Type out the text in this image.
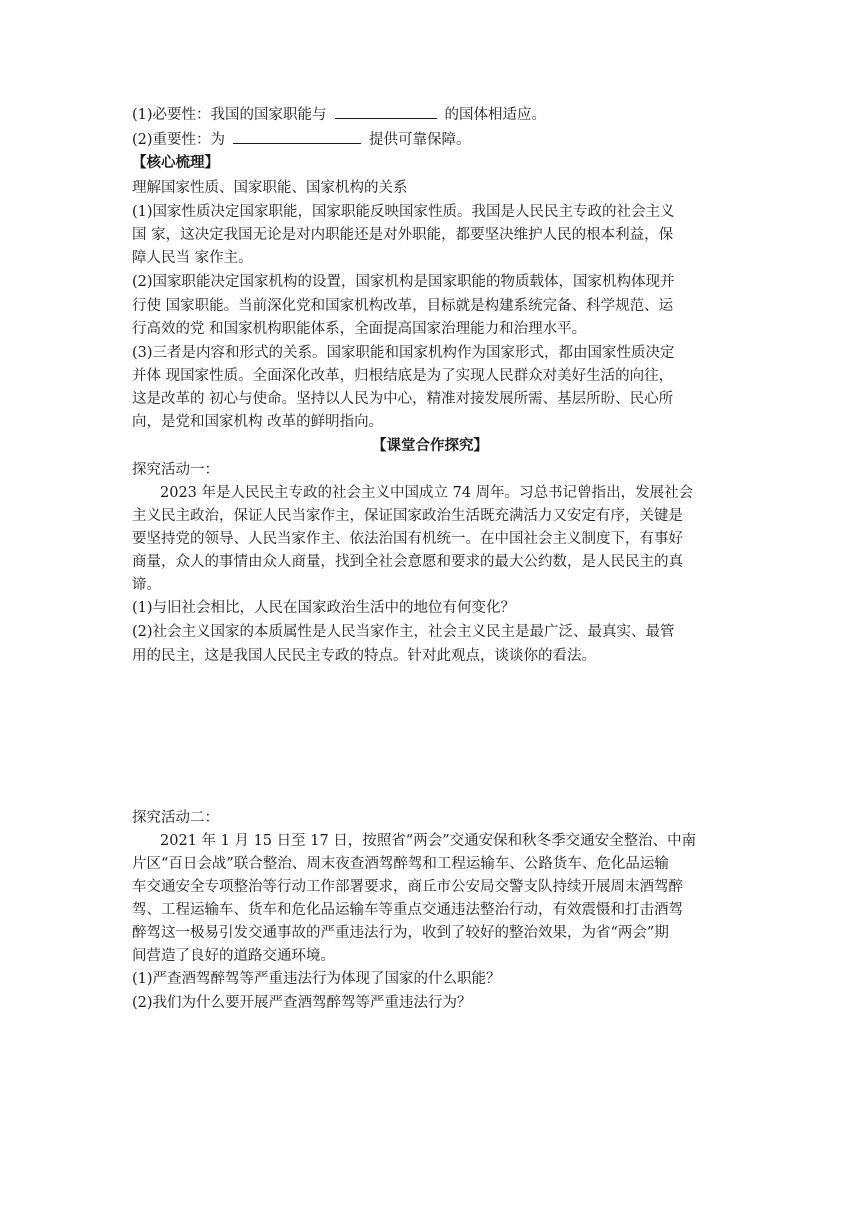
(1)必要性：我国的国家职能与	的国体相适应。
(2)重要性：为	提供可靠保障。
【核心梳理】
理解国家性质、国家职能、国家机构的关系
(1)国家性质决定国家职能，国家职能反映国家性质。我国是人民民主专政的社会主义
国 家，这决定我国无论是对内职能还是对外职能，都要坚决维护人民的根本利益，保
障人民当 家作主。
(2)国家职能决定国家机构的设置，国家机构是国家职能的物质载体，国家机构体现并
行使 国家职能。当前深化党和国家机构改革，目标就是构建系统完备、科学规范、运
行高效的党 和国家机构职能体系，全面提高国家治理能力和治理水平。
(3)三者是内容和形式的关系。国家职能和国家机构作为国家形式，都由国家性质决定
并体 现国家性质。全面深化改革，归根结底是为了实现人民群众对美好生活的向往，
这是改革的 初心与使命。坚持以人民为中心，精准对接发展所需、基层所盼、民心所
向，是党和国家机构 改革的鲜明指向。
【课堂合作探究】
探究活动一：
2023 年是人民民主专政的社会主义中国成立 74 周年。习总书记曾指出，发展社会
主义民主政治，保证人民当家作主，保证国家政治生活既充满活力又安定有序，关键是
要坚持党的领导、人民当家作主、依法治国有机统一。在中国社会主义制度下，有事好
商量，众人的事情由众人商量，找到全社会意愿和要求的最大公约数，是人民民主的真
谛。
(1)与旧社会相比，人民在国家政治生活中的地位有何变化？
(2)社会主义国家的本质属性是人民当家作主，社会主义民主是最广泛、最真实、最管
用的民主，这是我国人民民主专政的特点。针对此观点，谈谈你的看法。
探究活动二：
2021 年 1 月 15 日至 17 日，按照省“两会”交通安保和秋冬季交通安全整治、中南
片区“百日会战”联合整治、周末夜查酒驾醉驾和工程运输车、公路货车、危化品运输
车交通安全专项整治等行动工作部署要求，商丘市公安局交警支队持续开展周末酒驾醉
驾、工程运输车、货车和危化品运输车等重点交通违法整治行动，有效震慑和打击酒驾
醉驾这一极易引发交通事故的严重违法行为，收到了较好的整治效果，为省“两会”期
间营造了良好的道路交通环境。
(1)严查酒驾醉驾等严重违法行为体现了国家的什么职能？
(2)我们为什么要开展严查酒驾醉驾等严重违法行为？
